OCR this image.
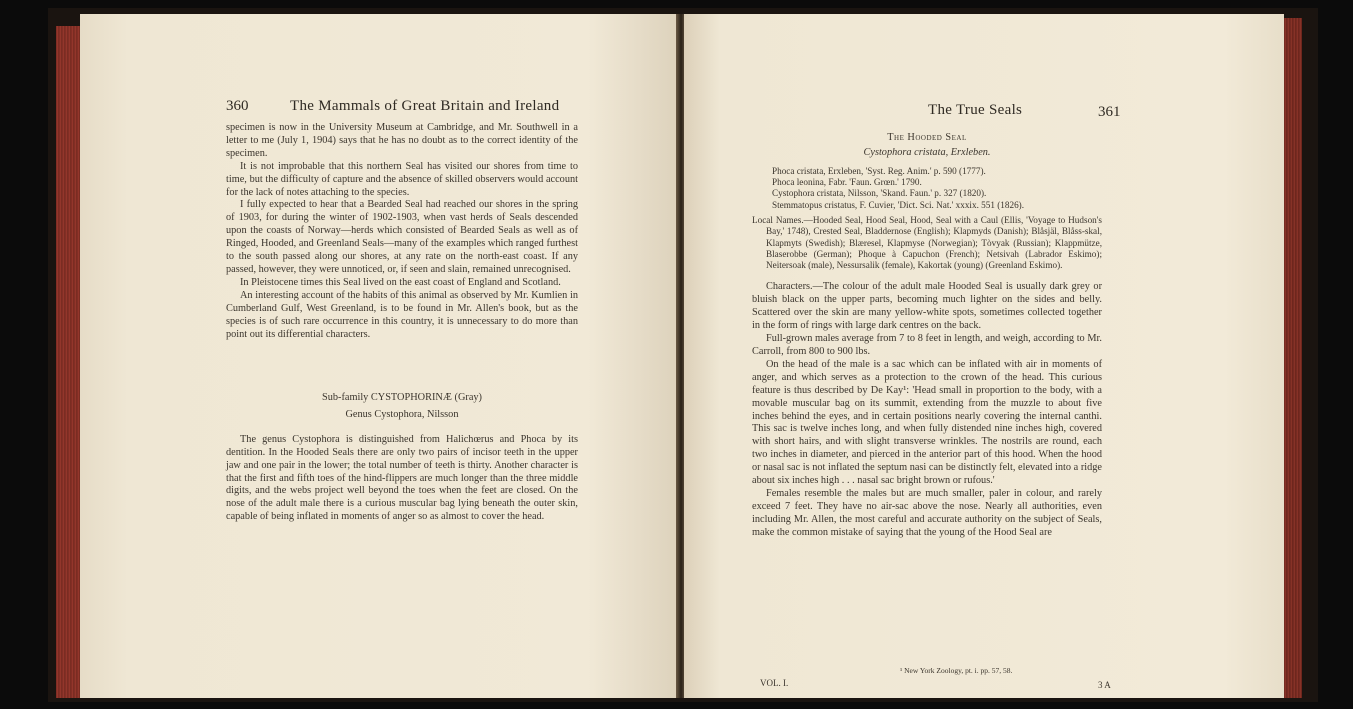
360	The Mammals of Great Britain and Ireland

specimen is now in the University Museum at Cambridge, and Mr. Southwell in a letter to me (July 1, 1904) says that he has no doubt as to the correct identity of the specimen.

It is not improbable that this northern Seal has visited our shores from time to time, but the difficulty of capture and the absence of skilled observers would account for the lack of notes attaching to the species.

I fully expected to hear that a Bearded Seal had reached our shores in the spring of 1903, for during the winter of 1902-1903, when vast herds of Seals descended upon the coasts of Norway—herds which consisted of Bearded Seals as well as of Ringed, Hooded, and Greenland Seals—many of the examples which ranged furthest to the south passed along our shores, at any rate on the north-east coast. If any passed, however, they were unnoticed, or, if seen and slain, remained unrecognised.

In Pleistocene times this Seal lived on the east coast of England and Scotland.

An interesting account of the habits of this animal as observed by Mr. Kumlien in Cumberland Gulf, West Greenland, is to be found in Mr. Allen's book, but as the species is of such rare occurrence in this country, it is unnecessary to do more than point out its differential characters.

Sub-family CYSTOPHORINÆ (Gray)

Genus Cystophora, Nilsson

The genus Cystophora is distinguished from Halichœrus and Phoca by its dentition. In the Hooded Seals there are only two pairs of incisor teeth in the upper jaw and one pair in the lower; the total number of teeth is thirty. Another character is that the first and fifth toes of the hind-flippers are much longer than the three middle digits, and the webs project well beyond the toes when the feet are closed. On the nose of the adult male there is a curious muscular bag lying beneath the outer skin, capable of being inflated in moments of anger so as almost to cover the head.

The True Seals	361

The Hooded Seal

Cystophora cristata, Erxleben.

Phoca cristata, Erxleben, 'Syst. Reg. Anim.' p. 590 (1777).

Phoca leonina, Fabr. 'Faun. Grœn.' 1790.

Cystophora cristata, Nilsson, 'Skand. Faun.' p. 327 (1820).

Stemmatopus cristatus, F. Cuvier, 'Dict. Sci. Nat.' xxxix. 551 (1826).

Local Names.—Hooded Seal, Hood Seal, Hood, Seal with a Caul (Ellis, 'Voyage to Hudson's Bay,' 1748), Crested Seal, Bladdernose (English); Klapmyds (Danish); Blåsjäl, Blåss-skal, Klapmyts (Swedish); Blæresel, Klapmyse (Norwegian); Tòvyak (Russian); Klappmütze, Blaserobbe (German); Phoque à Capuchon (French); Netsivah (Labrador Eskimo); Neitersoak (male), Nessursalik (female), Kakortak (young) (Greenland Eskimo).

Characters.—The colour of the adult male Hooded Seal is usually dark grey or bluish black on the upper parts, becoming much lighter on the sides and belly. Scattered over the skin are many yellow-white spots, sometimes collected together in the form of rings with large dark centres on the back.

Full-grown males average from 7 to 8 feet in length, and weigh, according to Mr. Carroll, from 800 to 900 lbs.

On the head of the male is a sac which can be inflated with air in moments of anger, and which serves as a protection to the crown of the head. This curious feature is thus described by De Kay¹: 'Head small in proportion to the body, with a movable muscular bag on its summit, extending from the muzzle to about five inches behind the eyes, and in certain positions nearly covering the internal canthi. This sac is twelve inches long, and when fully distended nine inches high, covered with short hairs, and with slight transverse wrinkles. The nostrils are round, each two inches in diameter, and pierced in the anterior part of this hood. When the hood or nasal sac is not inflated the septum nasi can be distinctly felt, elevated into a ridge about six inches high . . . nasal sac bright brown or rufous.'

Females resemble the males but are much smaller, paler in colour, and rarely exceed 7 feet. They have no air-sac above the nose. Nearly all authorities, even including Mr. Allen, the most careful and accurate authority on the subject of Seals, make the common mistake of saying that the young of the Hood Seal are

¹ New York Zoology, pt. i. pp. 57, 58.
VOL. I.	3 A
